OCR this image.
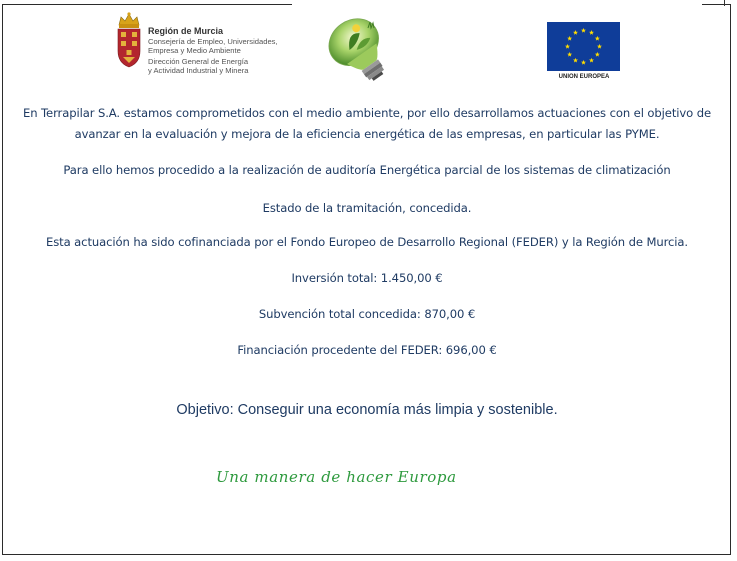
Región de Murcia
Consejería de Empleo, Universidades,
Empresa y Medio Ambiente
Dirección General de Energía
y Actividad Industrial y Minera
UNION EUROPEA
En Terrapilar S.A. estamos comprometidos con el medio ambiente, por ello desarrollamos actuaciones con el objetivo de avanzar en la evaluación y mejora de la eficiencia energética de las empresas, en particular las PYME.
Para ello hemos procedido a la realización de auditoría Energética parcial de los sistemas de climatización
Estado de la tramitación, concedida.
Esta actuación ha sido cofinanciada por el Fondo Europeo de Desarrollo Regional (FEDER) y la Región de Murcia.
Inversión total: 1.450,00 €
Subvención total concedida: 870,00 €
Financiación procedente del FEDER: 696,00 €
Objetivo: Conseguir una economía más limpia y sostenible.
Una manera de hacer Europa
